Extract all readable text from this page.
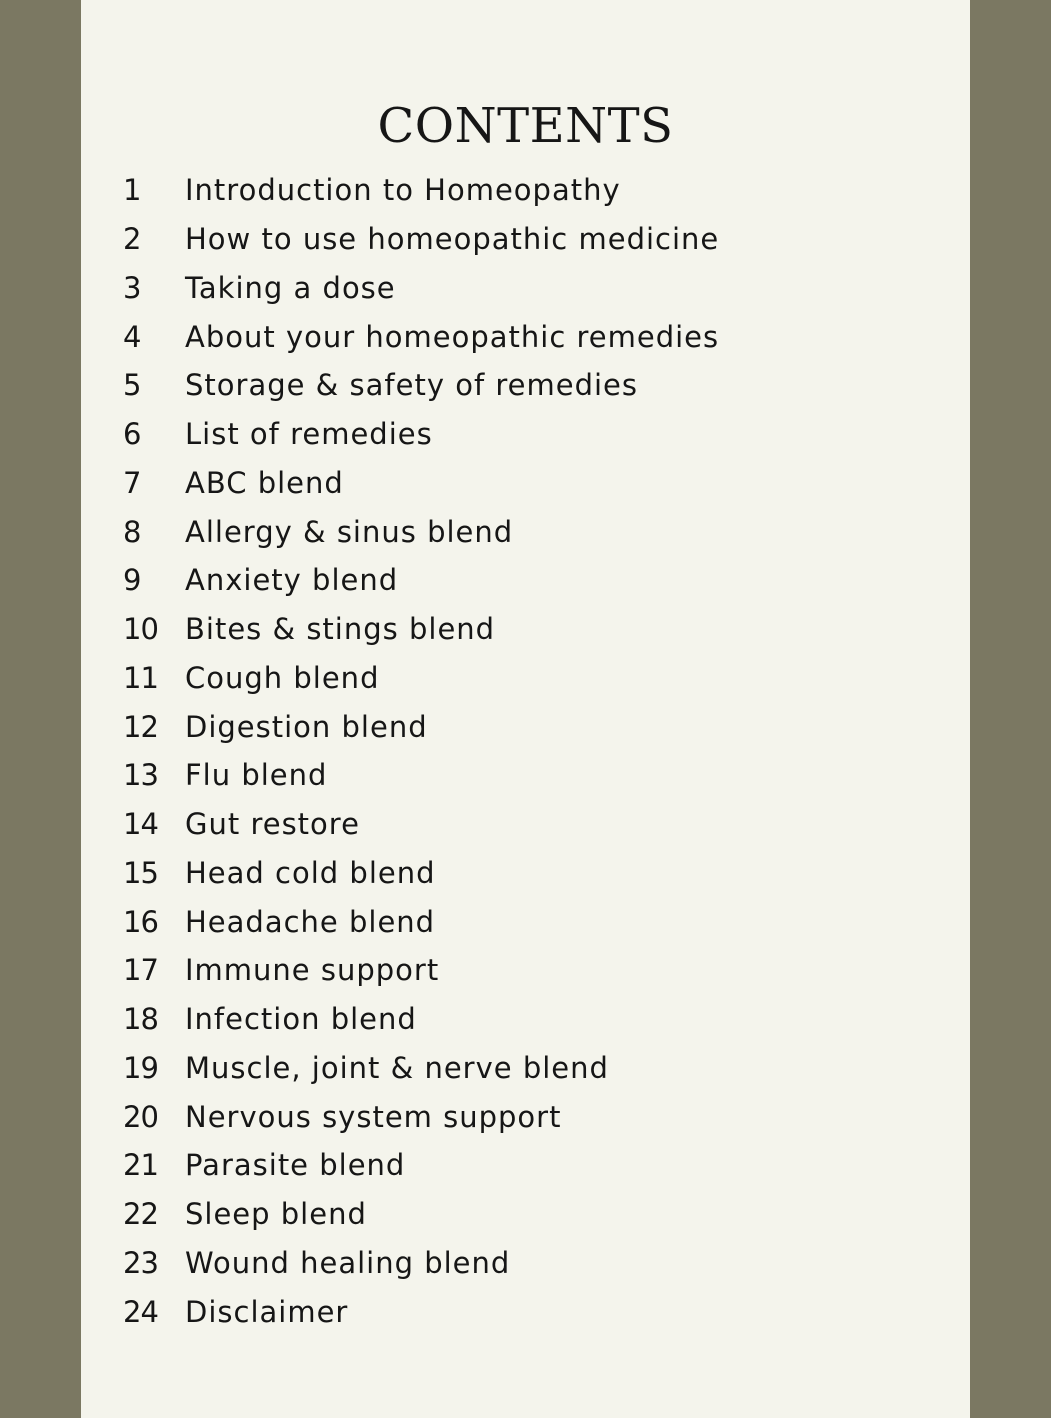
CONTENTS
1	Introduction to Homeopathy
2	How to use homeopathic medicine
3	Taking a dose
4	About your homeopathic remedies
5	Storage & safety of remedies
6	List of remedies
7	ABC blend
8	Allergy & sinus blend
9	Anxiety blend
10 Bites & stings blend
11 Cough blend
12 Digestion blend
13 Flu blend
14 Gut restore
15 Head cold blend
16 Headache blend
17 Immune support
18 Infection blend
19 Muscle, joint & nerve blend
20 Nervous system support
21 Parasite blend
22 Sleep blend
23 Wound healing blend
24 Disclaimer
